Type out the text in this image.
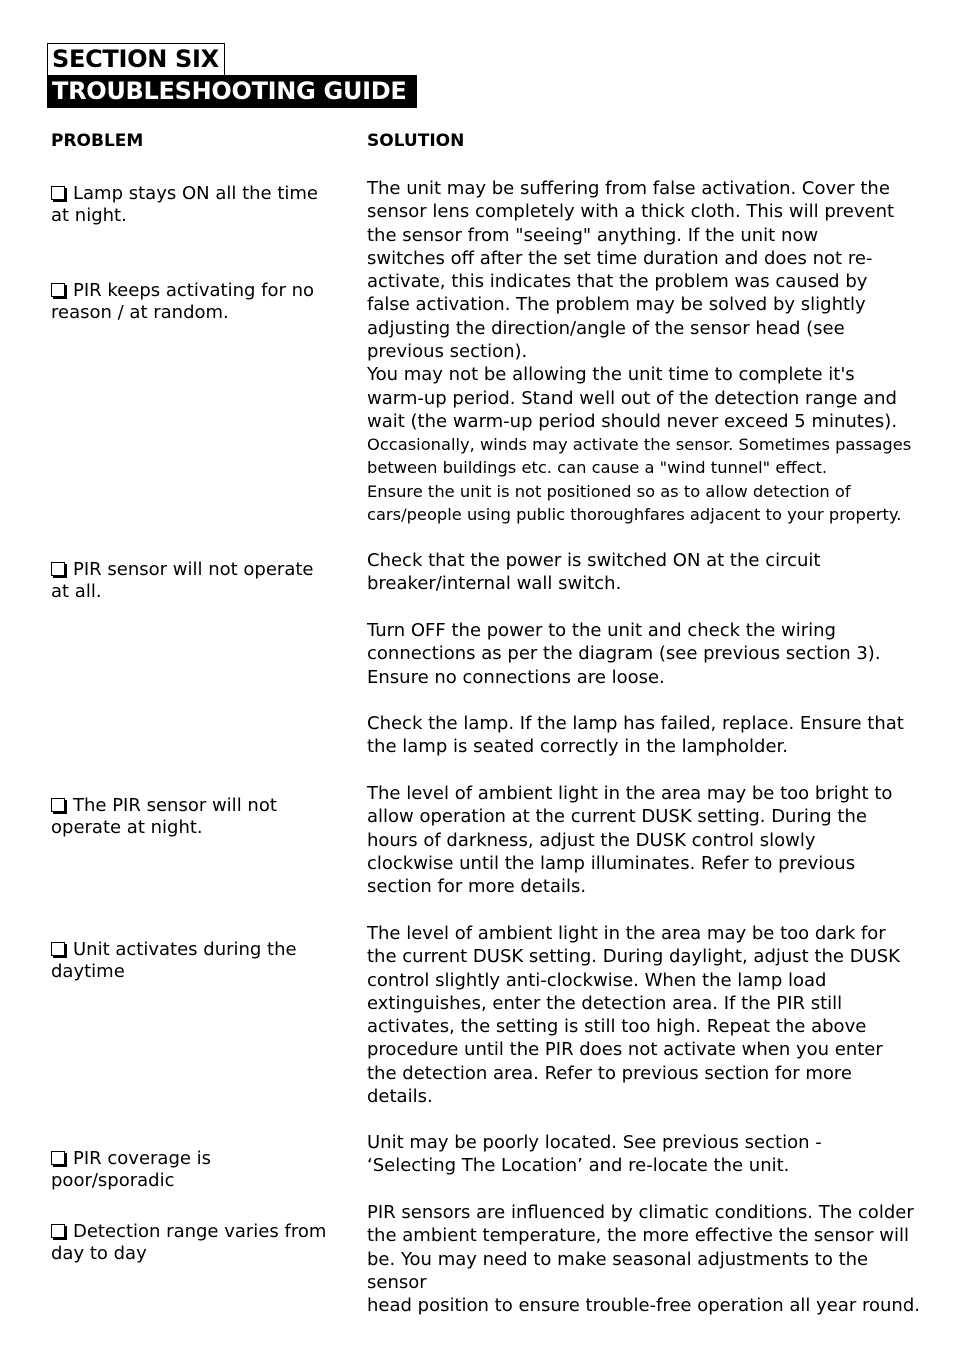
SECTION SIX
TROUBLESHOOTING GUIDE
PROBLEM	SOLUTION
Lamp stays ON all the time
at night.
PIR keeps activating for no
reason / at random.
PIR sensor will not operate
at all.
The PIR sensor will not
operate at night.
Unit activates during the
daytime
PIR coverage is
poor/sporadic
Detection range varies from
day to day
The unit may be suffering from false activation. Cover the
sensor lens completely with a thick cloth. This will prevent
the sensor from "seeing" anything. If the unit now
switches off after the set time duration and does not re-
activate, this indicates that the problem was caused by
false activation. The problem may be solved by slightly
adjusting the direction/angle of the sensor head (see
previous section).
You may not be allowing the unit time to complete it's
warm-up period. Stand well out of the detection range and
wait (the warm-up period should never exceed 5 minutes).
Occasionally, winds may activate the sensor. Sometimes passages
between buildings etc. can cause a "wind tunnel" effect.
Ensure the unit is not positioned so as to allow detection of
cars/people using public thoroughfares adjacent to your property.
Check that the power is switched ON at the circuit
breaker/internal wall switch.
Turn OFF the power to the unit and check the wiring
connections as per the diagram (see previous section 3).
Ensure no connections are loose.
Check the lamp. If the lamp has failed, replace. Ensure that
the lamp is seated correctly in the lampholder.
The level of ambient light in the area may be too bright to
allow operation at the current DUSK setting. During the
hours of darkness, adjust the DUSK control slowly
clockwise until the lamp illuminates. Refer to previous
section for more details.
The level of ambient light in the area may be too dark for
the current DUSK setting. During daylight, adjust the DUSK
control slightly anti-clockwise. When the lamp load
extinguishes, enter the detection area. If the PIR still
activates, the setting is still too high. Repeat the above
procedure until the PIR does not activate when you enter
the detection area. Refer to previous section for more
details.
Unit may be poorly located. See previous section -
‘Selecting The Location’ and re-locate the unit.
PIR sensors are influenced by climatic conditions. The colder
the ambient temperature, the more effective the sensor will
be. You may need to make seasonal adjustments to the sensor
head position to ensure trouble-free operation all year round.
